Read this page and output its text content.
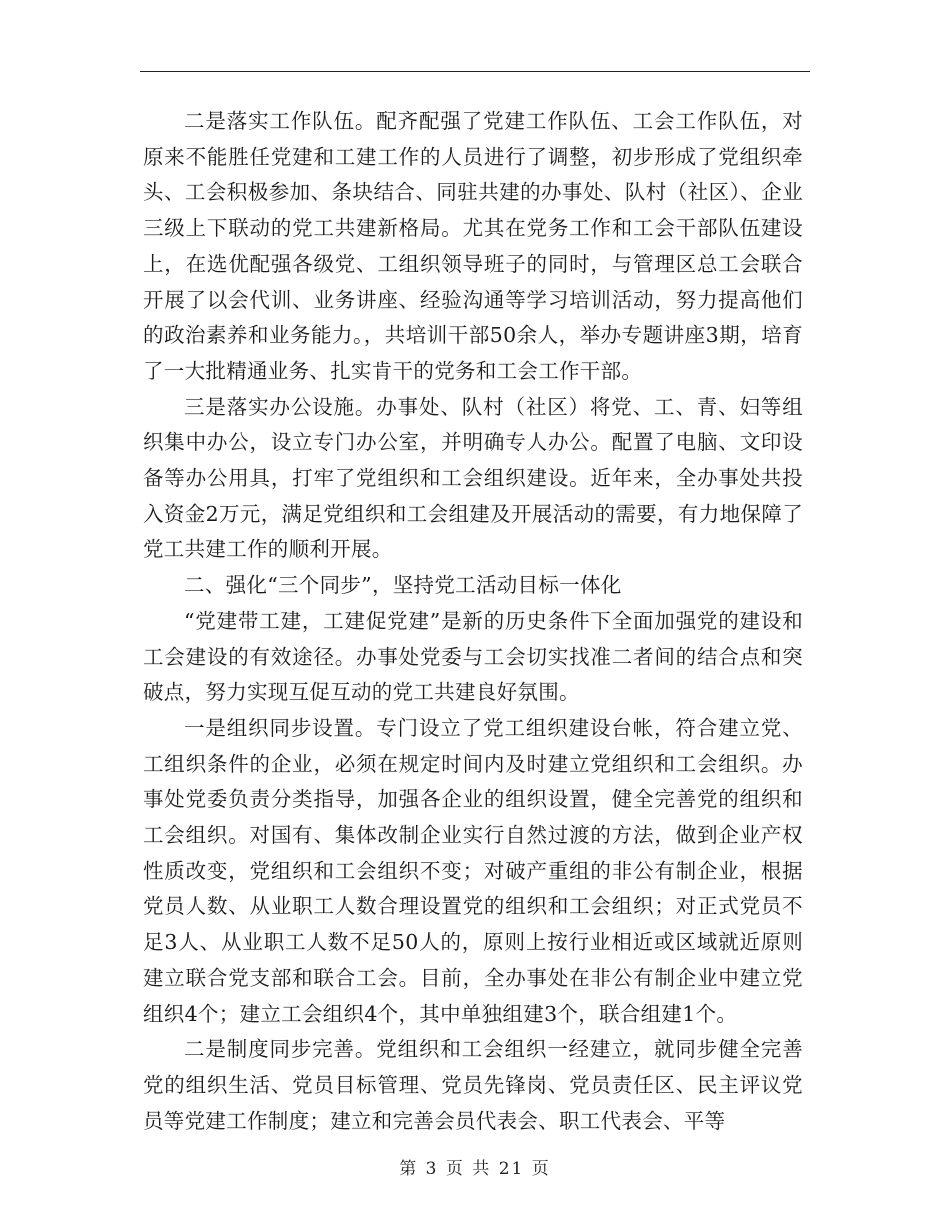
二是落实工作队伍。配齐配强了党建工作队伍、工会工作队伍，对原来不能胜任党建和工建工作的人员进行了调整，初步形成了党组织牵头、工会积极参加、条块结合、同驻共建的办事处、队村（社区）、企业三级上下联动的党工共建新格局。尤其在党务工作和工会干部队伍建设上，在选优配强各级党、工组织领导班子的同时，与管理区总工会联合开展了以会代训、业务讲座、经验沟通等学习培训活动，努力提高他们的政治素养和业务能力。，共培训干部50余人，举办专题讲座3期，培育了一大批精通业务、扎实肯干的党务和工会工作干部。

三是落实办公设施。办事处、队村（社区）将党、工、青、妇等组织集中办公，设立专门办公室，并明确专人办公。配置了电脑、文印设备等办公用具，打牢了党组织和工会组织建设。近年来，全办事处共投入资金2万元，满足党组织和工会组建及开展活动的需要，有力地保障了党工共建工作的顺利开展。

二、强化“三个同步”，坚持党工活动目标一体化

“党建带工建，工建促党建”是新的历史条件下全面加强党的建设和工会建设的有效途径。办事处党委与工会切实找准二者间的结合点和突破点，努力实现互促互动的党工共建良好氛围。

一是组织同步设置。专门设立了党工组织建设台帐，符合建立党、工组织条件的企业，必须在规定时间内及时建立党组织和工会组织。办事处党委负责分类指导，加强各企业的组织设置，健全完善党的组织和工会组织。对国有、集体改制企业实行自然过渡的方法，做到企业产权性质改变，党组织和工会组织不变；对破产重组的非公有制企业，根据党员人数、从业职工人数合理设置党的组织和工会组织；对正式党员不足3人、从业职工人数不足50人的，原则上按行业相近或区域就近原则建立联合党支部和联合工会。目前，全办事处在非公有制企业中建立党组织4个；建立工会组织4个，其中单独组建3个，联合组建1个。

二是制度同步完善。党组织和工会组织一经建立，就同步健全完善党的组织生活、党员目标管理、党员先锋岗、党员责任区、民主评议党员等党建工作制度；建立和完善会员代表会、职工代表会、平等

第 3 页 共 21 页
